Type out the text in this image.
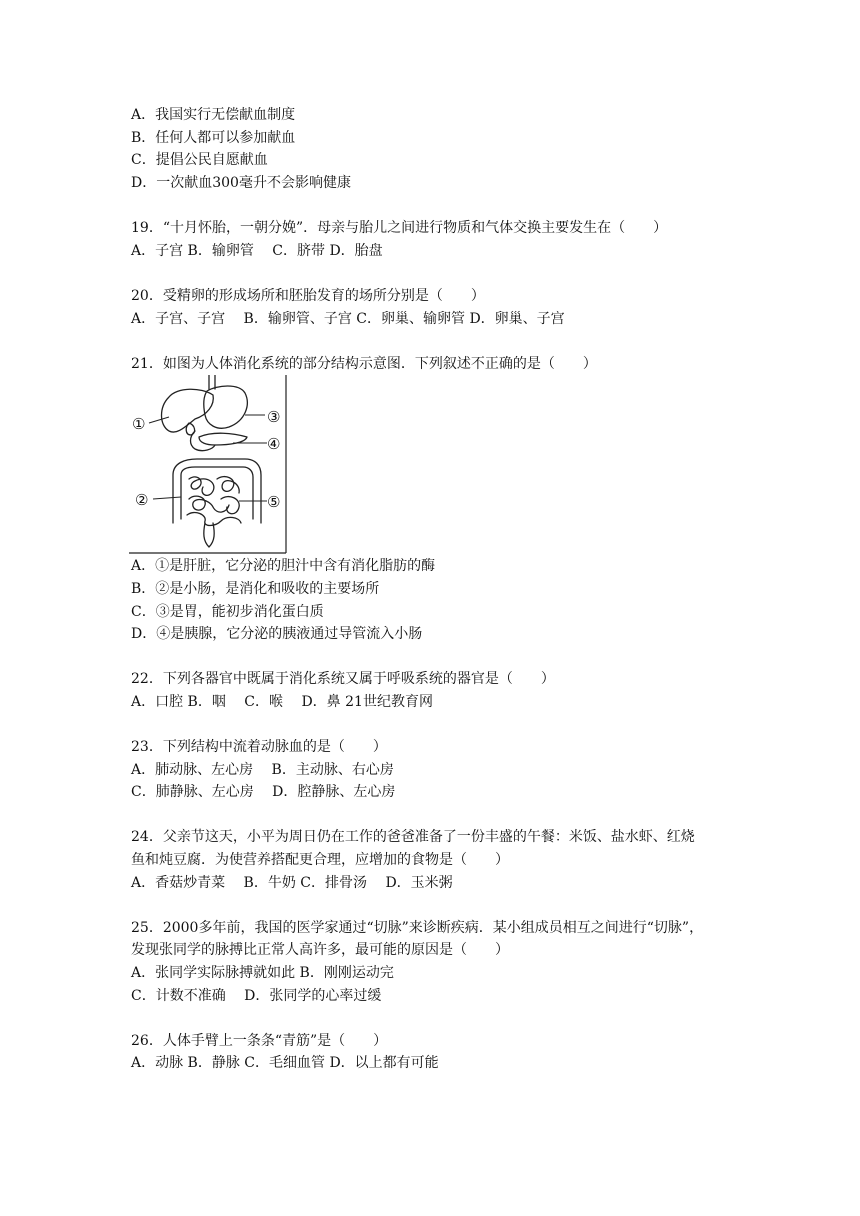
A．我国实行无偿献血制度
B．任何人都可以参加献血
C．提倡公民自愿献血
D．一次献血300毫升不会影响健康
19．“十月怀胎，一朝分娩”．母亲与胎儿之间进行物质和气体交换主要发生在（　　）
A．子宫 B．输卵管　 C．脐带 D．胎盘
20．受精卵的形成场所和胚胎发育的场所分别是（　　）
A．子宫、子宫　 B．输卵管、子宫 C．卵巢、输卵管 D．卵巢、子宫
21．如图为人体消化系统的部分结构示意图．下列叙述不正确的是（　　）
①
②
③
④
⑤
A．①是肝脏，它分泌的胆汁中含有消化脂肪的酶
B．②是小肠，是消化和吸收的主要场所
C．③是胃，能初步消化蛋白质
D．④是胰腺，它分泌的胰液通过导管流入小肠
22．下列各器官中既属于消化系统又属于呼吸系统的器官是（　　）
A．口腔 B．咽　 C．喉　 D．鼻 21世纪教育网
23．下列结构中流着动脉血的是（　　）
A．肺动脉、左心房　 B．主动脉、右心房
C．肺静脉、左心房　 D．腔静脉、左心房
24．父亲节这天，小平为周日仍在工作的爸爸准备了一份丰盛的午餐：米饭、盐水虾、红烧
鱼和炖豆腐．为使营养搭配更合理，应增加的食物是（　　）
A．香菇炒青菜　 B．牛奶 C．排骨汤　 D．玉米粥
25．2000多年前，我国的医学家通过“切脉”来诊断疾病．某小组成员相互之间进行“切脉”，
发现张同学的脉搏比正常人高许多，最可能的原因是（　　）
A．张同学实际脉搏就如此 B．刚刚运动完
C．计数不准确　 D．张同学的心率过缓
26．人体手臂上一条条“青筋”是（　　）
A．动脉 B．静脉 C．毛细血管 D．以上都有可能
